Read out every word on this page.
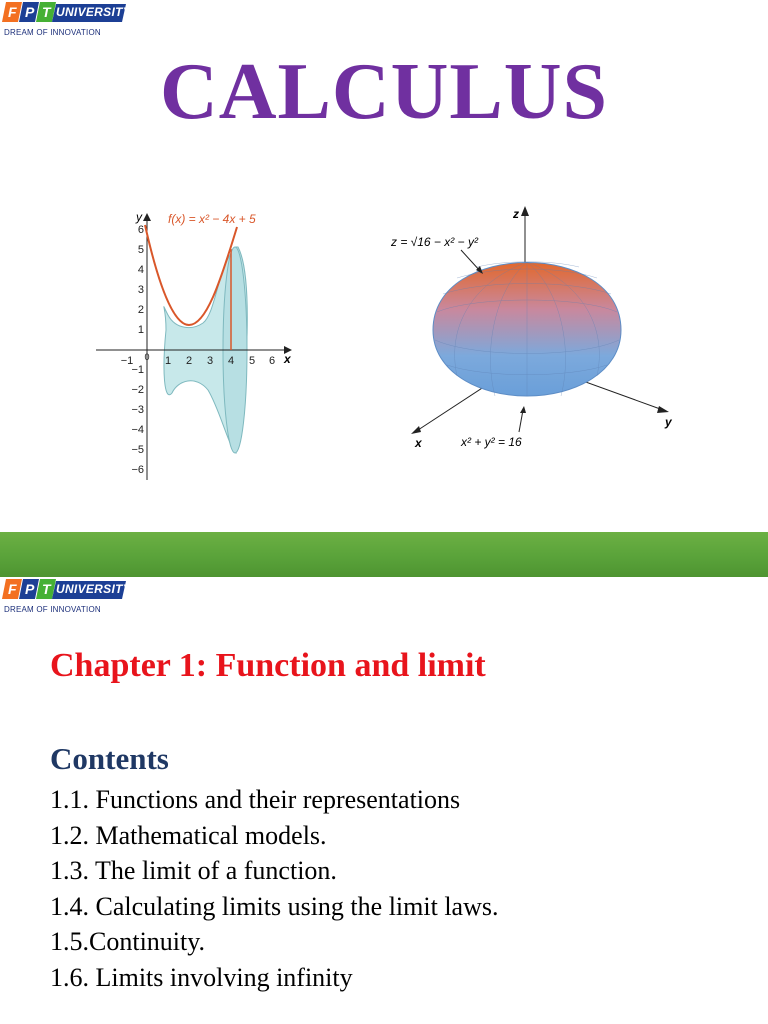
F P T UNIVERSITY
DREAM OF INNOVATION
CALCULUS
y
x
−1 0 1 2 3 4 5 6
6
5
4
3
2
1
−1
−2
−3
−4
−5
−6
f(x) = x² − 4x + 5	z
x
y
z = √16 − x² − y²
x² + y² = 16
F P T UNIVERSITY
DREAM OF INNOVATION
Chapter 1: Function and limit
Contents
1.1. Functions and their representations
1.2. Mathematical models.
1.3. The limit of a function.
1.4. Calculating limits using the limit laws.
1.5.Continuity.
1.6. Limits involving infinity
